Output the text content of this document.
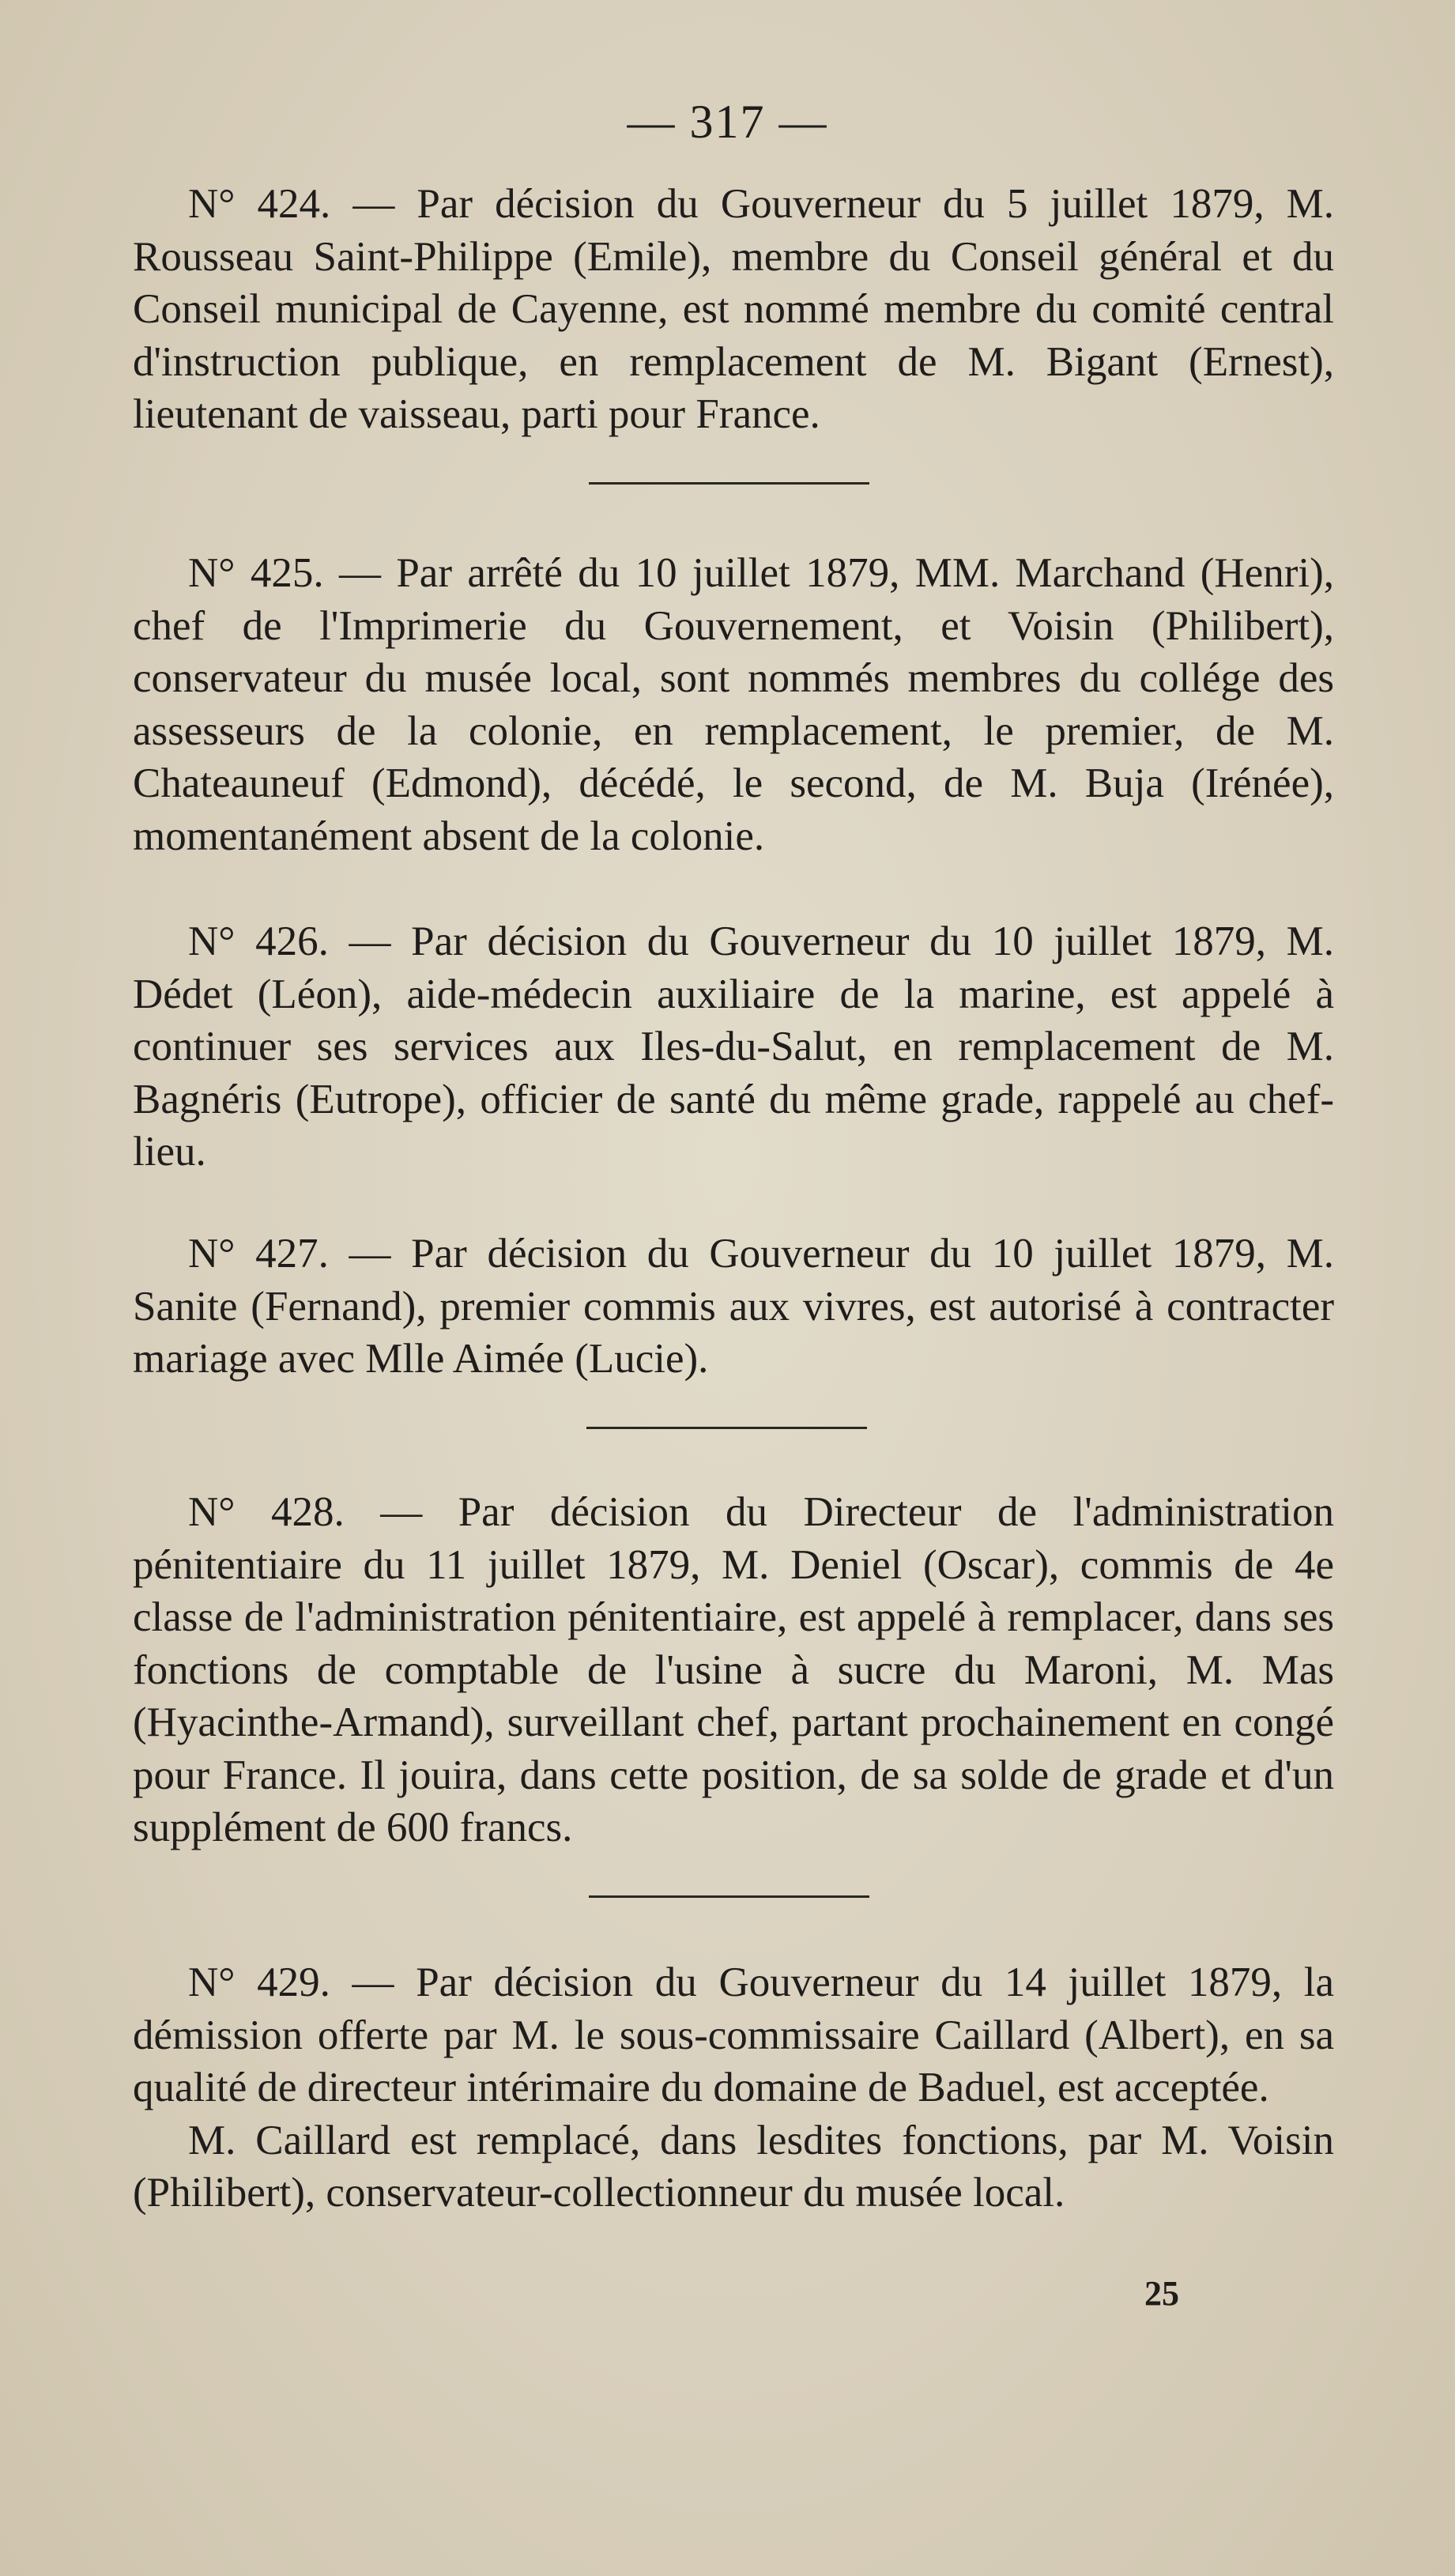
— 317 —

N° 424. — Par décision du Gouverneur du 5 juillet 1879, M. Rousseau Saint-Philippe (Emile), membre du Conseil général et du Conseil municipal de Cayenne, est nommé membre du comité central d'instruction publique, en remplacement de M. Bigant (Ernest), lieutenant de vaisseau, parti pour France.

N° 425. — Par arrêté du 10 juillet 1879, MM. Marchand (Henri), chef de l'Imprimerie du Gouvernement, et Voisin (Philibert), conservateur du musée local, sont nommés membres du collége des assesseurs de la colonie, en remplacement, le premier, de M. Chateauneuf (Edmond), décédé, le second, de M. Buja (Irénée), momentanément absent de la colonie.

N° 426. — Par décision du Gouverneur du 10 juillet 1879, M. Dédet (Léon), aide-médecin auxiliaire de la marine, est appelé à continuer ses services aux Iles-du-Salut, en remplacement de M. Bagnéris (Eutrope), officier de santé du même grade, rappelé au chef-lieu.

N° 427. — Par décision du Gouverneur du 10 juillet 1879, M. Sanite (Fernand), premier commis aux vivres, est autorisé à contracter mariage avec Mlle Aimée (Lucie).

N° 428. — Par décision du Directeur de l'administration pénitentiaire du 11 juillet 1879, M. Deniel (Oscar), commis de 4e classe de l'administration pénitentiaire, est appelé à remplacer, dans ses fonctions de comptable de l'usine à sucre du Maroni, M. Mas (Hyacinthe-Armand), surveillant chef, partant prochainement en congé pour France. Il jouira, dans cette position, de sa solde de grade et d'un supplément de 600 francs.

N° 429. — Par décision du Gouverneur du 14 juillet 1879, la démission offerte par M. le sous-commissaire Caillard (Albert), en sa qualité de directeur intérimaire du domaine de Baduel, est acceptée.

M. Caillard est remplacé, dans lesdites fonctions, par M. Voisin (Philibert), conservateur-collectionneur du musée local.

25
